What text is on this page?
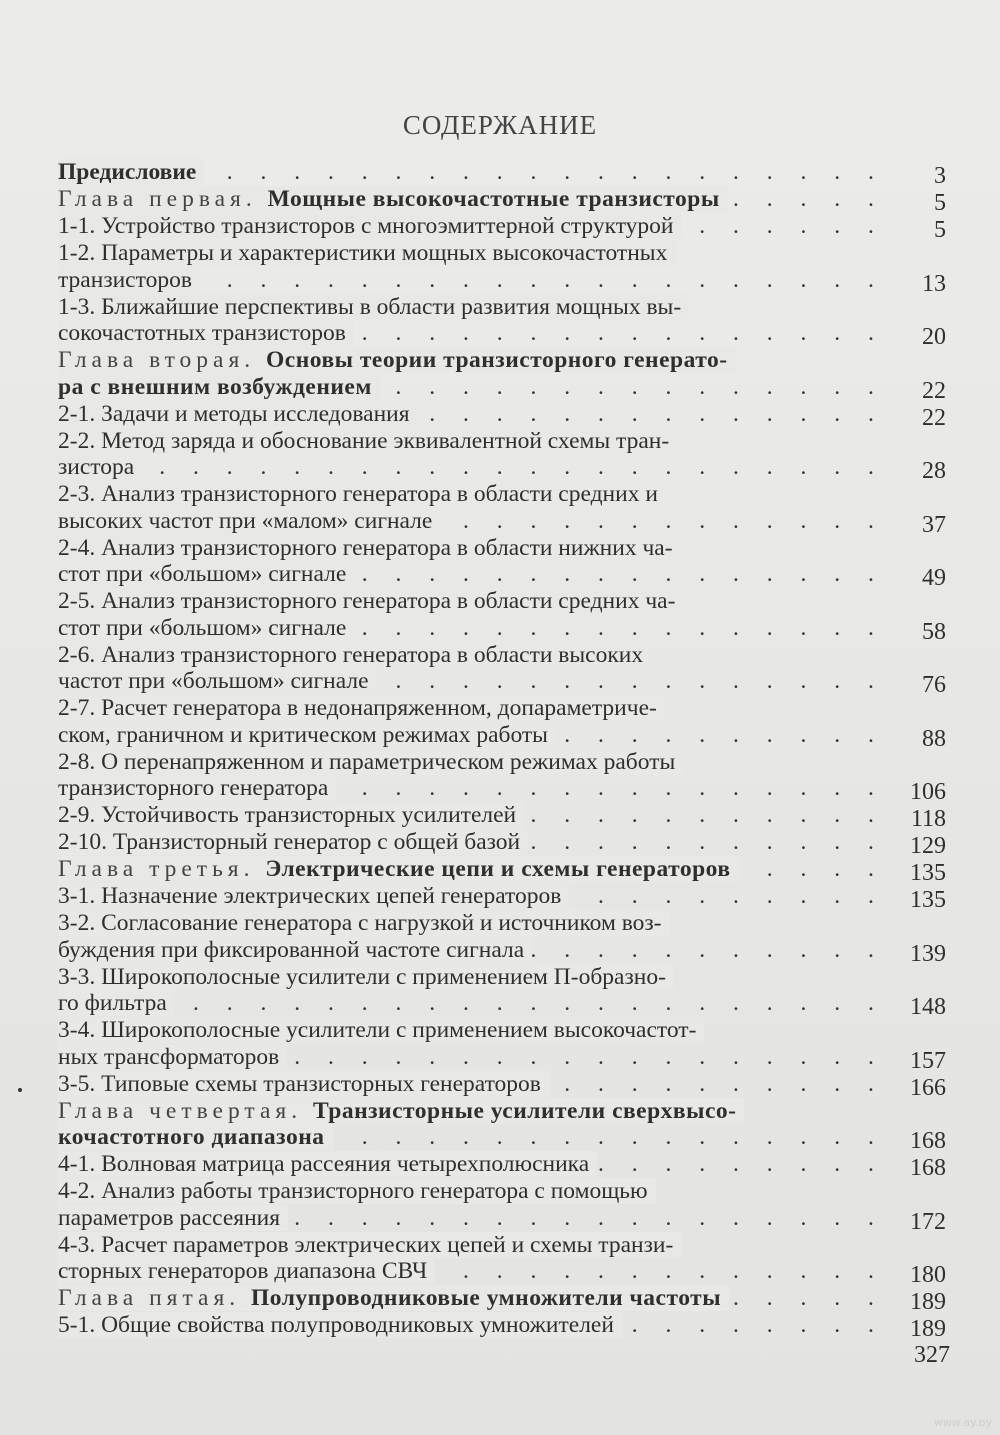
СОДЕРЖАНИЕ
Предисловие . . .	3
Глава первая. Мощные высокочастотные транзисторы . . .	5
1-1. Устройство транзисторов с многоэмиттерной структурой . . .	5
1-2. Параметры и характеристики мощных высокочастотных
транзисторов . . .	13
1-3. Ближайшие перспективы в области развития мощных вы-
сокочастотных транзисторов . . .	20
Глава вторая. Основы теории транзисторного генерато-
ра с внешним возбуждением . . .	22
2-1. Задачи и методы исследования . . .	22
2-2. Метод заряда и обоснование эквивалентной схемы тран-
зистора . . .	28
2-3. Анализ транзисторного генератора в области средних и
высоких частот при «малом» сигнале . . .	37
2-4. Анализ транзисторного генератора в области нижних ча-
стот при «большом» сигнале . . .	49
2-5. Анализ транзисторного генератора в области средних ча-
стот при «большом» сигнале . . .	58
2-6. Анализ транзисторного генератора в области высоких
частот при «большом» сигнале . . .	76
2-7. Расчет генератора в недонапряженном, допараметриче-
ском, граничном и критическом режимах работы . . .	88
2-8. О перенапряженном и параметрическом режимах работы
транзисторного генератора . . .	106
2-9. Устойчивость транзисторных усилителей . . .	118
2-10. Транзисторный генератор с общей базой . . .	129
Глава третья. Электрические цепи и схемы генераторов . . .	135
3-1. Назначение электрических цепей генераторов . . .	135
3-2. Согласование генератора с нагрузкой и источником воз-
буждения при фиксированной частоте сигнала . . .	139
3-3. Широкополосные усилители с применением П-образно-
го фильтра . . .	148
3-4. Широкополосные усилители с применением высокочастот-
ных трансформаторов . . .	157
3-5. Типовые схемы транзисторных генераторов . . .	166
Глава четвертая. Транзисторные усилители сверхвысо-
кочастотного диапазона . . .	168
4-1. Волновая матрица рассеяния четырехполюсника . . .	168
4-2. Анализ работы транзисторного генератора с помощью
параметров рассеяния . . .	172
4-3. Расчет параметров электрических цепей и схемы транзи-
сторных генераторов диапазона СВЧ . . .	180
Глава пятая. Полупроводниковые умножители частоты . . .	189
5-1. Общие свойства полупроводниковых умножителей . . .	189
327
www.ay.by
